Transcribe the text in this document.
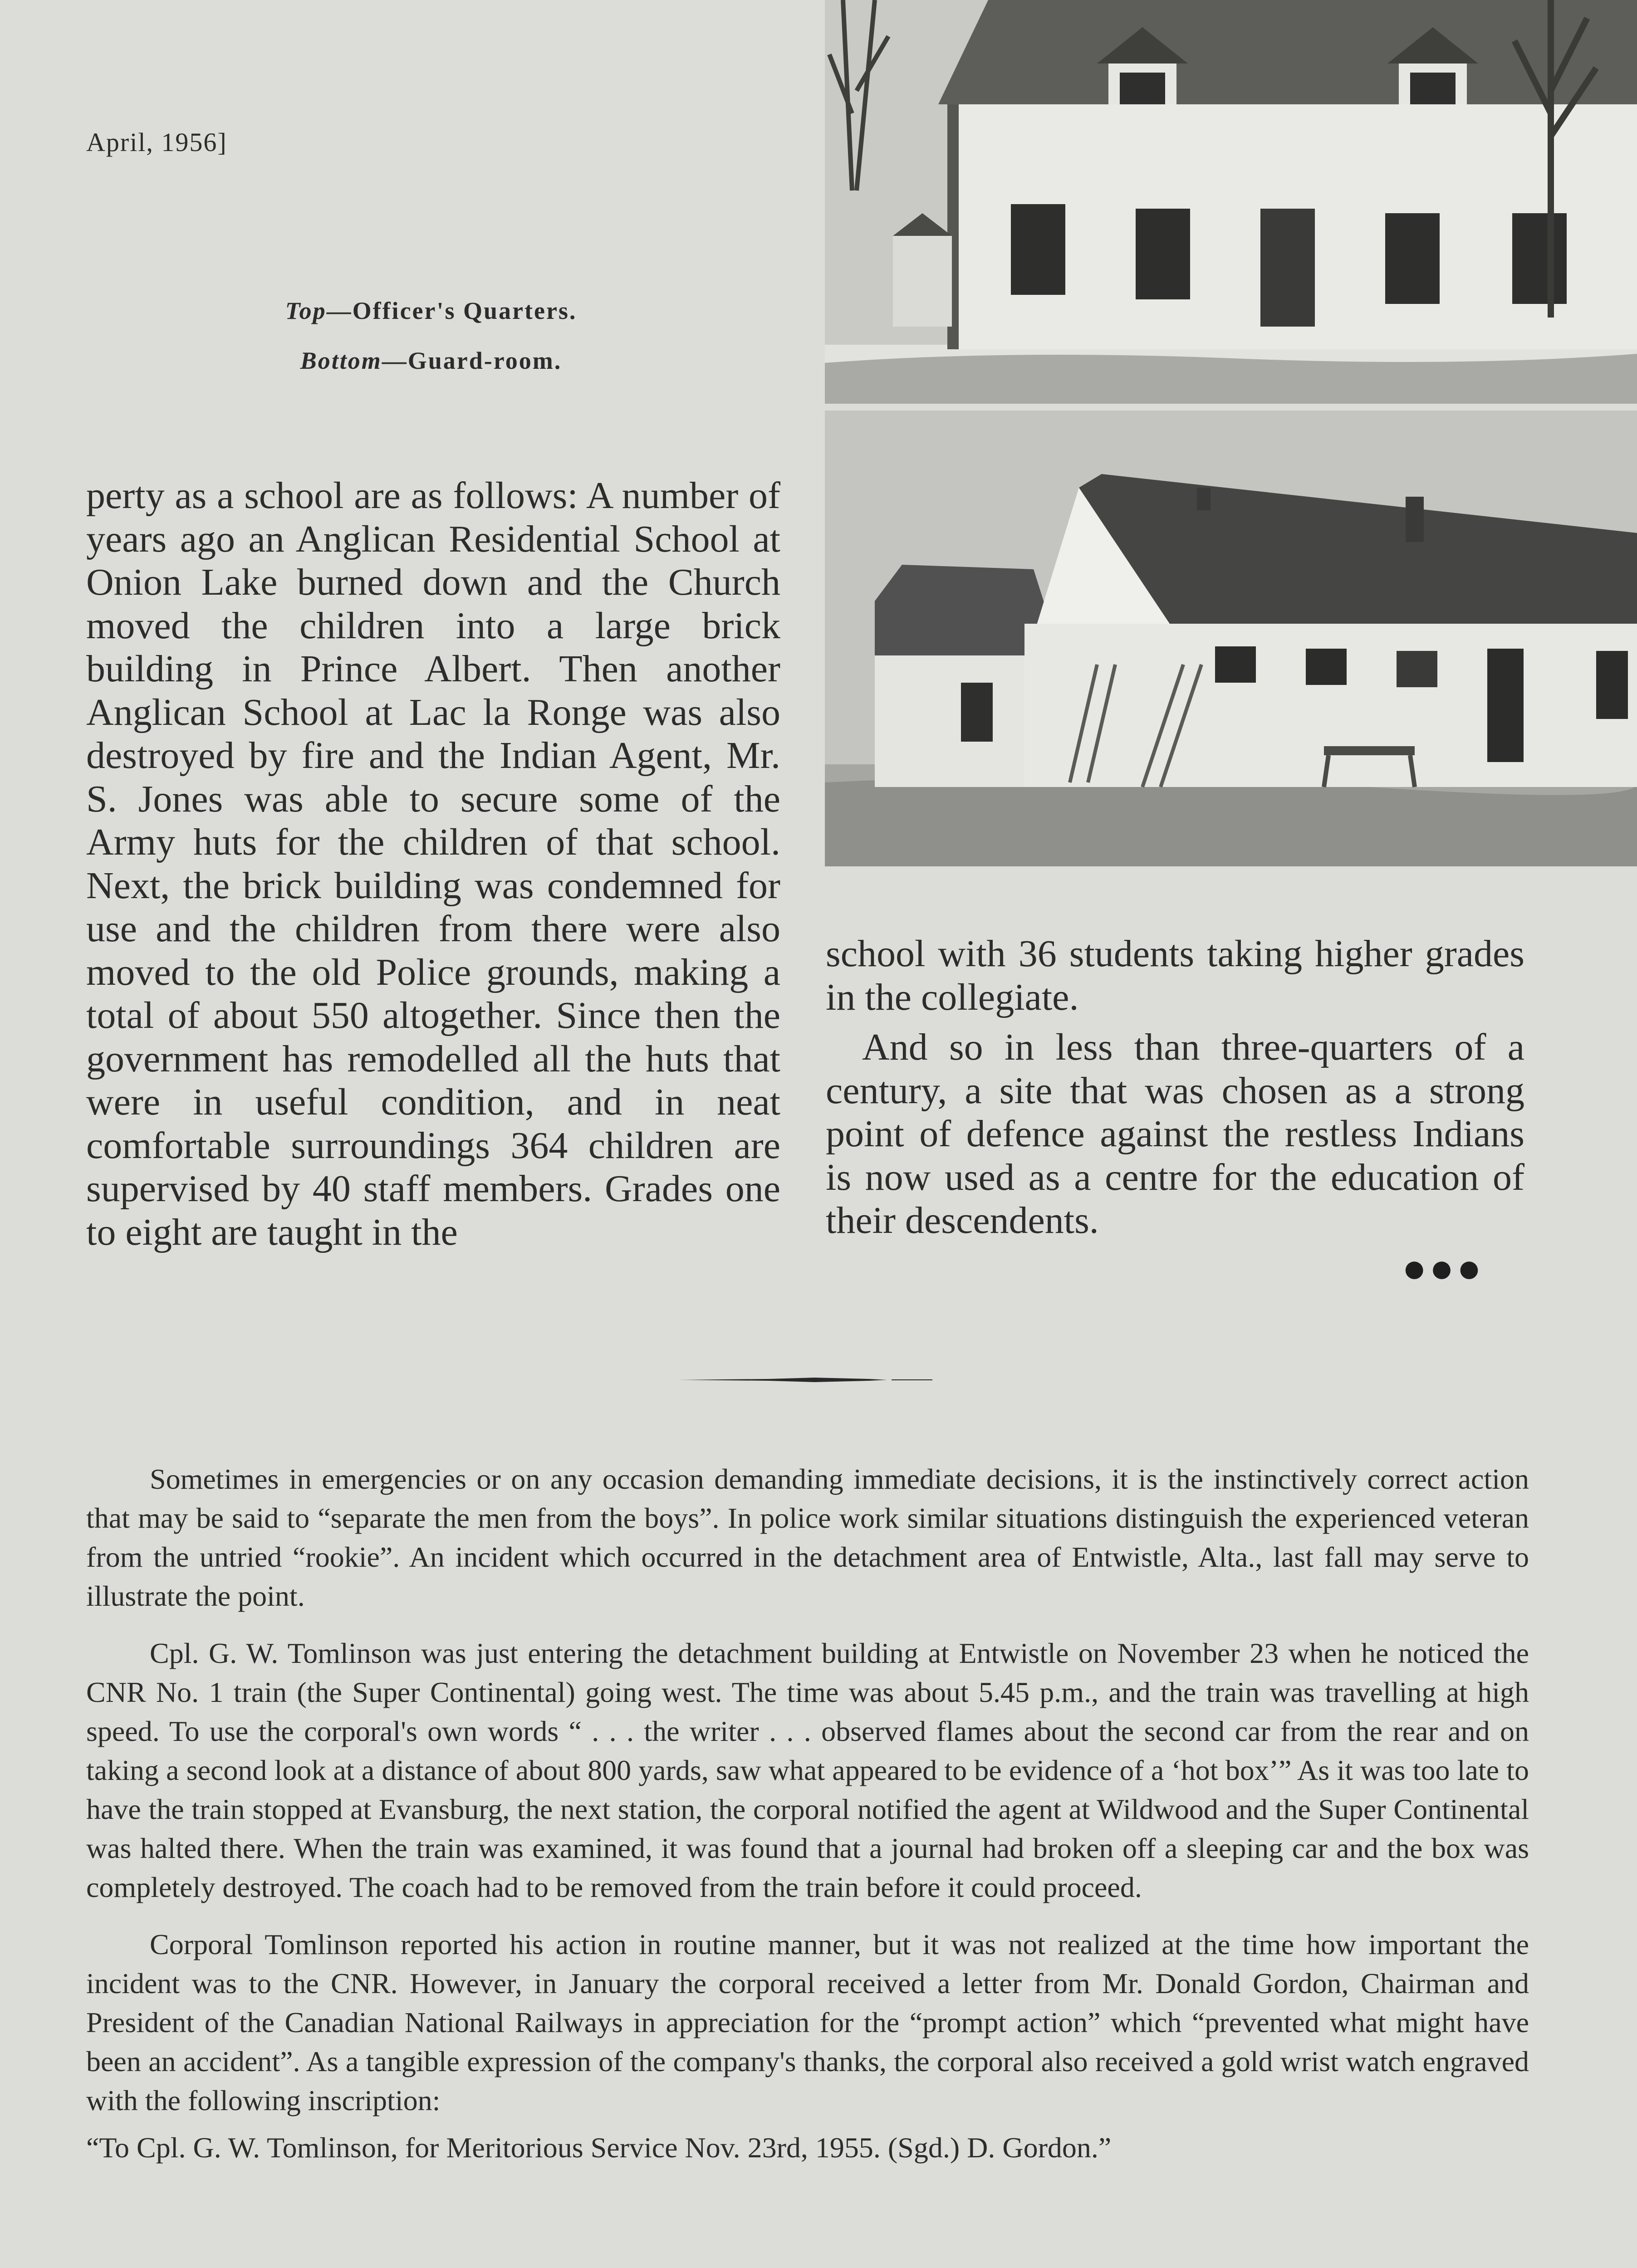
April, 1956]
Top—Officer's Quarters.
Bottom—Guard-room.

perty as a school are as follows: A number of years ago an Anglican Residential School at Onion Lake burned down and the Church moved the children into a large brick building in Prince Albert. Then another Anglican School at Lac la Ronge was also destroyed by fire and the Indian Agent, Mr. S. Jones was able to secure some of the Army huts for the children of that school. Next, the brick building was condemned for use and the children from there were also moved to the old Police grounds, making a total of about 550 altogether. Since then the government has remodelled all the huts that were in useful condition, and in neat comfortable surroundings 364 children are supervised by 40 staff members. Grades one to eight are taught in the

school with 36 students taking higher grades in the collegiate.

And so in less than three-quarters of a century, a site that was chosen as a strong point of defence against the restless Indians is now used as a centre for the education of their descendents.

●●●

Sometimes in emergencies or on any occasion demanding immediate decisions, it is the instinctively correct action that may be said to “separate the men from the boys”. In police work similar situations distinguish the experienced veteran from the untried “rookie”. An incident which occurred in the detachment area of Entwistle, Alta., last fall may serve to illustrate the point.

Cpl. G. W. Tomlinson was just entering the detachment building at Entwistle on November 23 when he noticed the CNR No. 1 train (the Super Continental) going west. The time was about 5.45 p.m., and the train was travelling at high speed. To use the corporal's own words “ . . . the writer . . . observed flames about the second car from the rear and on taking a second look at a distance of about 800 yards, saw what appeared to be evidence of a ‘hot box’” As it was too late to have the train stopped at Evansburg, the next station, the corporal notified the agent at Wildwood and the Super Continental was halted there. When the train was examined, it was found that a journal had broken off a sleeping car and the box was completely destroyed. The coach had to be removed from the train before it could proceed.

Corporal Tomlinson reported his action in routine manner, but it was not realized at the time how important the incident was to the CNR. However, in January the corporal received a letter from Mr. Donald Gordon, Chairman and President of the Canadian National Railways in appreciation for the “prompt action” which “prevented what might have been an accident”. As a tangible expression of the company's thanks, the corporal also received a gold wrist watch engraved with the following inscription:

“To Cpl. G. W. Tomlinson, for Meritorious Service Nov. 23rd, 1955. (Sgd.) D. Gordon.”
